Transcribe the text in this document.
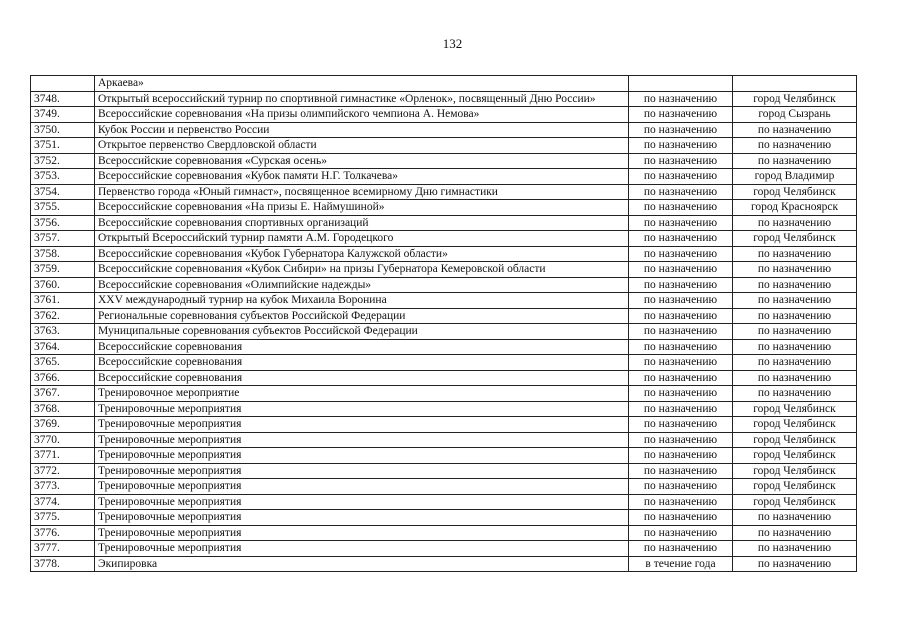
132
	Аркаева»		
3748.	Открытый всероссийский турнир по спортивной гимнастике «Орленок», посвященный Дню России»	по назначению	город Челябинск
3749.	Всероссийские соревнования «На призы олимпийского чемпиона А. Немова»	по назначению	город Сызрань
3750.	Кубок России и первенство России	по назначению	по назначению
3751.	Открытое первенство Свердловской области	по назначению	по назначению
3752.	Всероссийские соревнования «Сурская осень»	по назначению	по назначению
3753.	Всероссийские соревнования «Кубок памяти Н.Г. Толкачева»	по назначению	город Владимир
3754.	Первенство города «Юный гимнаст», посвященное всемирному Дню гимнастики	по назначению	город Челябинск
3755.	Всероссийские соревнования «На призы Е. Наймушиной»	по назначению	город Красноярск
3756.	Всероссийские соревнования спортивных организаций	по назначению	по назначению
3757.	Открытый Всероссийский турнир памяти А.М. Городецкого	по назначению	город Челябинск
3758.	Всероссийские соревнования «Кубок Губернатора Калужской области»	по назначению	по назначению
3759.	Всероссийские соревнования «Кубок Сибири» на призы Губернатора Кемеровской области	по назначению	по назначению
3760.	Всероссийские соревнования «Олимпийские надежды»	по назначению	по назначению
3761.	XXV международный турнир на кубок Михаила Воронина	по назначению	по назначению
3762.	Региональные соревнования субъектов Российской Федерации	по назначению	по назначению
3763.	Муниципальные соревнования субъектов Российской Федерации	по назначению	по назначению
3764.	Всероссийские соревнования	по назначению	по назначению
3765.	Всероссийские соревнования	по назначению	по назначению
3766.	Всероссийские соревнования	по назначению	по назначению
3767.	Тренировочное мероприятие	по назначению	по назначению
3768.	Тренировочные мероприятия	по назначению	город Челябинск
3769.	Тренировочные мероприятия	по назначению	город Челябинск
3770.	Тренировочные мероприятия	по назначению	город Челябинск
3771.	Тренировочные мероприятия	по назначению	город Челябинск
3772.	Тренировочные мероприятия	по назначению	город Челябинск
3773.	Тренировочные мероприятия	по назначению	город Челябинск
3774.	Тренировочные мероприятия	по назначению	город Челябинск
3775.	Тренировочные мероприятия	по назначению	по назначению
3776.	Тренировочные мероприятия	по назначению	по назначению
3777.	Тренировочные мероприятия	по назначению	по назначению
3778.	Экипировка	в течение года	по назначению
